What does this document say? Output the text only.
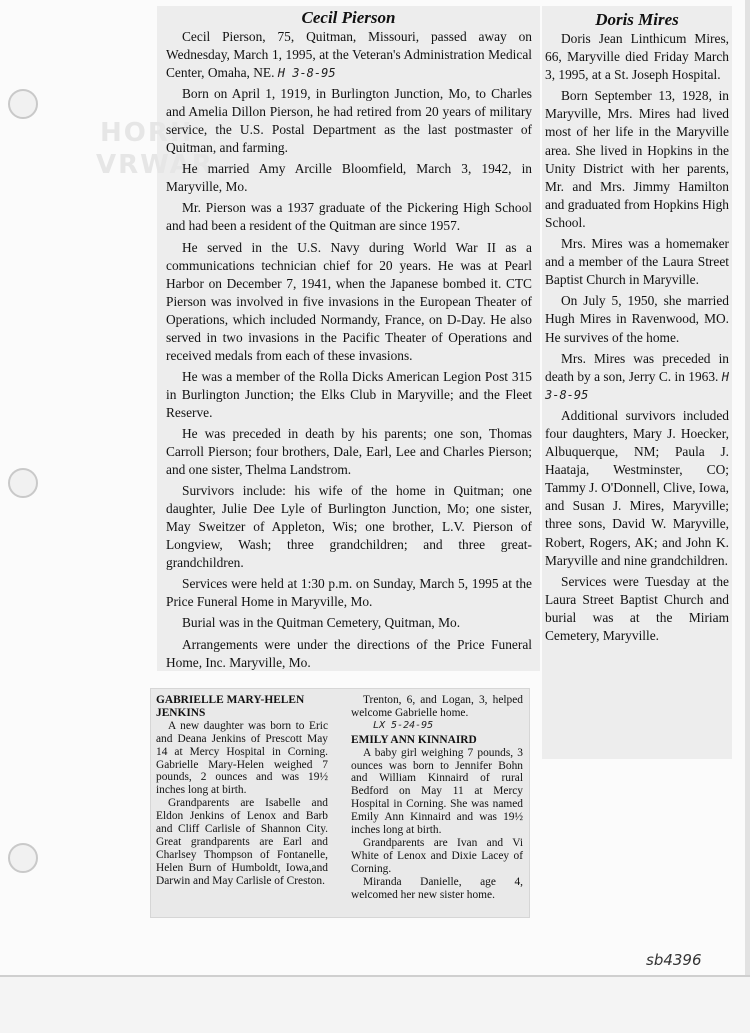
HORH
VRWAR
Cecil Pierson

Cecil Pierson, 75, Quitman, Missouri, passed away on Wednesday, March 1, 1995, at the Veteran's Administration Medical Center, Omaha, NE. H 3-8-95

Born on April 1, 1919, in Burlington Junction, Mo, to Charles and Amelia Dillon Pierson, he had retired from 20 years of military service, the U.S. Postal Department as the last postmaster of Quitman, and farming.

He married Amy Arcille Bloomfield, March 3, 1942, in Maryville, Mo.

Mr. Pierson was a 1937 graduate of the Pickering High School and had been a resident of the Quitman are since 1957.

He served in the U.S. Navy during World War II as a communications technician chief for 20 years. He was at Pearl Harbor on December 7, 1941, when the Japanese bombed it. CTC Pierson was involved in five invasions in the European Theater of Operations, which included Normandy, France, on D-Day. He also served in two invasions in the Pacific Theater of Operations and received medals from each of these invasions.

He was a member of the Rolla Dicks American Legion Post 315 in Burlington Junction; the Elks Club in Maryville; and the Fleet Reserve.

He was preceded in death by his parents; one son, Thomas Carroll Pierson; four brothers, Dale, Earl, Lee and Charles Pierson; and one sister, Thelma Landstrom.

Survivors include: his wife of the home in Quitman; one daughter, Julie Dee Lyle of Burlington Junction, Mo; one sister, May Sweitzer of Appleton, Wis; one brother, L.V. Pierson of Longview, Wash; three grandchildren; and three great-grandchildren.

Services were held at 1:30 p.m. on Sunday, March 5, 1995 at the Price Funeral Home in Maryville, Mo.

Burial was in the Quitman Cemetery, Quitman, Mo.

Arrangements were under the directions of the Price Funeral Home, Inc. Maryville, Mo.

Doris Mires

Doris Jean Linthicum Mires, 66, Maryville died Friday March 3, 1995, at a St. Joseph Hospital.

Born September 13, 1928, in Maryville, Mrs. Mires had lived most of her life in the Maryville area. She lived in Hopkins in the Unity District with her parents, Mr. and Mrs. Jimmy Hamilton and graduated from Hopkins High School.

Mrs. Mires was a homemaker and a member of the Laura Street Baptist Church in Maryville.

On July 5, 1950, she married Hugh Mires in Ravenwood, MO. He survives of the home.

Mrs. Mires was preceded in death by a son, Jerry C. in 1963. H 3-8-95

Additional survivors included four daughters, Mary J. Hoecker, Albuquerque, NM; Paula J. Haataja, Westminster, CO; Tammy J. O'Donnell, Clive, Iowa, and Susan J. Mires, Maryville; three sons, David W. Maryville, Robert, Rogers, AK; and John K. Maryville and nine grandchildren.

Services were Tuesday at the Laura Street Baptist Church and burial was at the Miriam Cemetery, Maryville.

GABRIELLE MARY-HELEN JENKINS

A new daughter was born to Eric and Deana Jenkins of Prescott May 14 at Mercy Hospital in Corning. Gabrielle Mary-Helen weighed 7 pounds, 2 ounces and was 19½ inches long at birth.

Grandparents are Isabelle and Eldon Jenkins of Lenox and Barb and Cliff Carlisle of Shannon City. Great grandparents are Earl and Charlsey Thompson of Fontanelle, Helen Burn of Humboldt, Iowa,and Darwin and May Carlisle of Creston.

Trenton, 6, and Logan, 3, helped welcome Gabrielle home.

LX 5-24-95
EMILY ANN KINNAIRD

A baby girl weighing 7 pounds, 3 ounces was born to Jennifer Bohn and William Kinnaird of rural Bedford on May 11 at Mercy Hospital in Corning. She was named Emily Ann Kinnaird and was 19½ inches long at birth.

Grandparents are Ivan and Vi White of Lenox and Dixie Lacey of Corning.

Miranda Danielle, age 4, welcomed her new sister home.

sb4396
